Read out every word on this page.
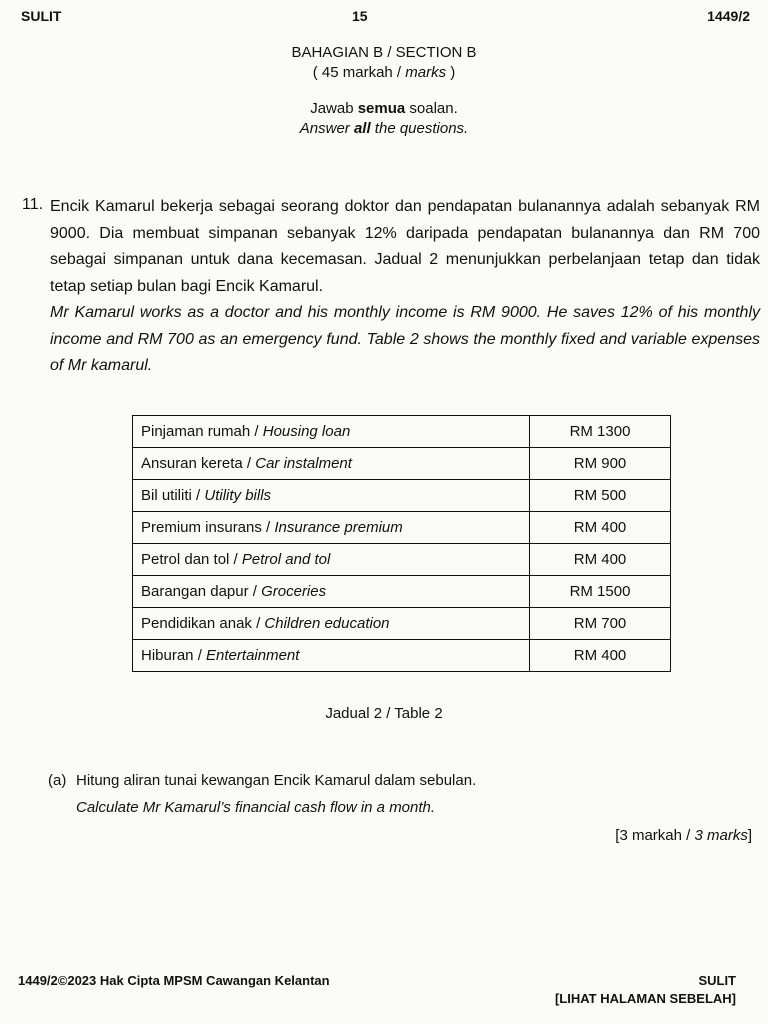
SULIT	15	1449/2
BAHAGIAN B / SECTION B
( 45 markah / marks )
Jawab semua soalan.
Answer all the questions.
11. Encik Kamarul bekerja sebagai seorang doktor dan pendapatan bulanannya adalah sebanyak RM 9000. Dia membuat simpanan sebanyak 12% daripada pendapatan bulanannya dan RM 700 sebagai simpanan untuk dana kecemasan. Jadual 2 menunjukkan perbelanjaan tetap dan tidak tetap setiap bulan bagi Encik Kamarul.
Mr Kamarul works as a doctor and his monthly income is RM 9000. He saves 12% of his monthly income and RM 700 as an emergency fund. Table 2 shows the monthly fixed and variable expenses of Mr kamarul.
Pinjaman rumah / Housing loan	RM 1300
Ansuran kereta / Car instalment	RM 900
Bil utiliti / Utility bills	RM 500
Premium insurans / Insurance premium	RM 400
Petrol dan tol / Petrol and tol	RM 400
Barangan dapur / Groceries	RM 1500
Pendidikan anak / Children education	RM 700
Hiburan / Entertainment	RM 400
Jadual 2 / Table 2
(a) Hitung aliran tunai kewangan Encik Kamarul dalam sebulan.
Calculate Mr Kamarul’s financial cash flow in a month.
[3 markah / 3 marks]
1449/2©2023 Hak Cipta MPSM Cawangan Kelantan	SULIT
[LIHAT HALAMAN SEBELAH]
